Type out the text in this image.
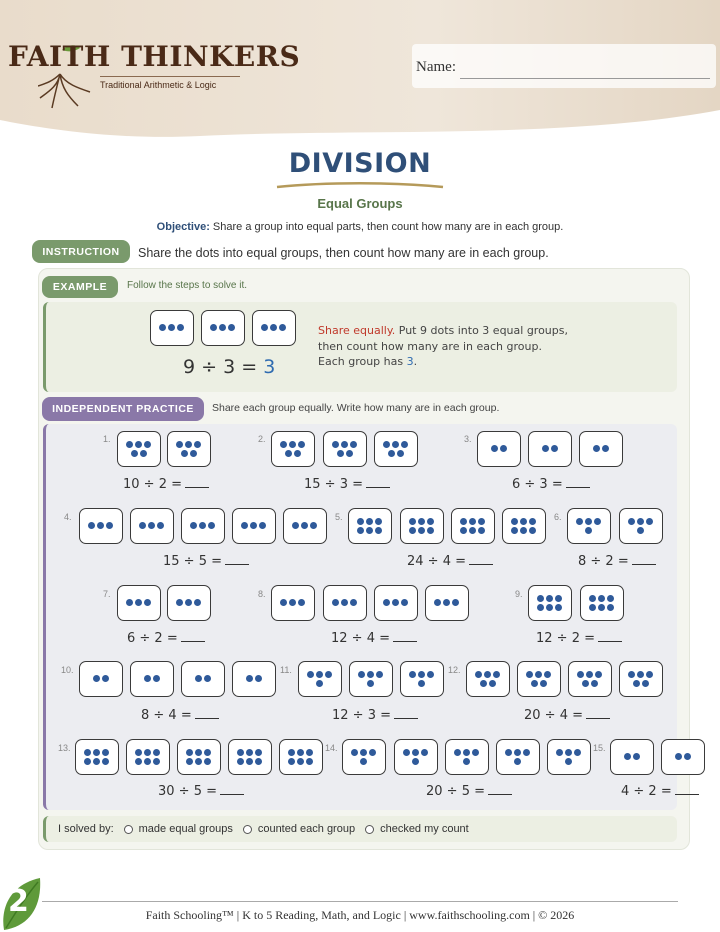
FAITH THINKERS
Traditional Arithmetic & Logic
Name:
DIVISION
Equal Groups
Objective: Share a group into equal parts, then count how many are in each group.
INSTRUCTION	Share the dots into equal groups, then count how many are in each group.
EXAMPLE	Follow the steps to solve it.
9 ÷ 3 = 3
Share equally. Put 9 dots into 3 equal groups, then count how many are in each group. Each group has 3.
INDEPENDENT PRACTICE	Share each group equally. Write how many are in each group.
1.
10 ÷ 2 =
2.
15 ÷ 3 =
3.
6 ÷ 3 =
4.
15 ÷ 5 =
5.
24 ÷ 4 =
6.
8 ÷ 2 =
7.
6 ÷ 2 =
8.
12 ÷ 4 =
9.
12 ÷ 2 =
10.
8 ÷ 4 =
11.
12 ÷ 3 =
12.
20 ÷ 4 =
13.
30 ÷ 5 =
14.
20 ÷ 5 =
15.
4 ÷ 2 =
I solved by: made equal groups counted each group checked my count
2	Faith Schooling™ | K to 5 Reading, Math, and Logic | www.faithschooling.com | © 2026
